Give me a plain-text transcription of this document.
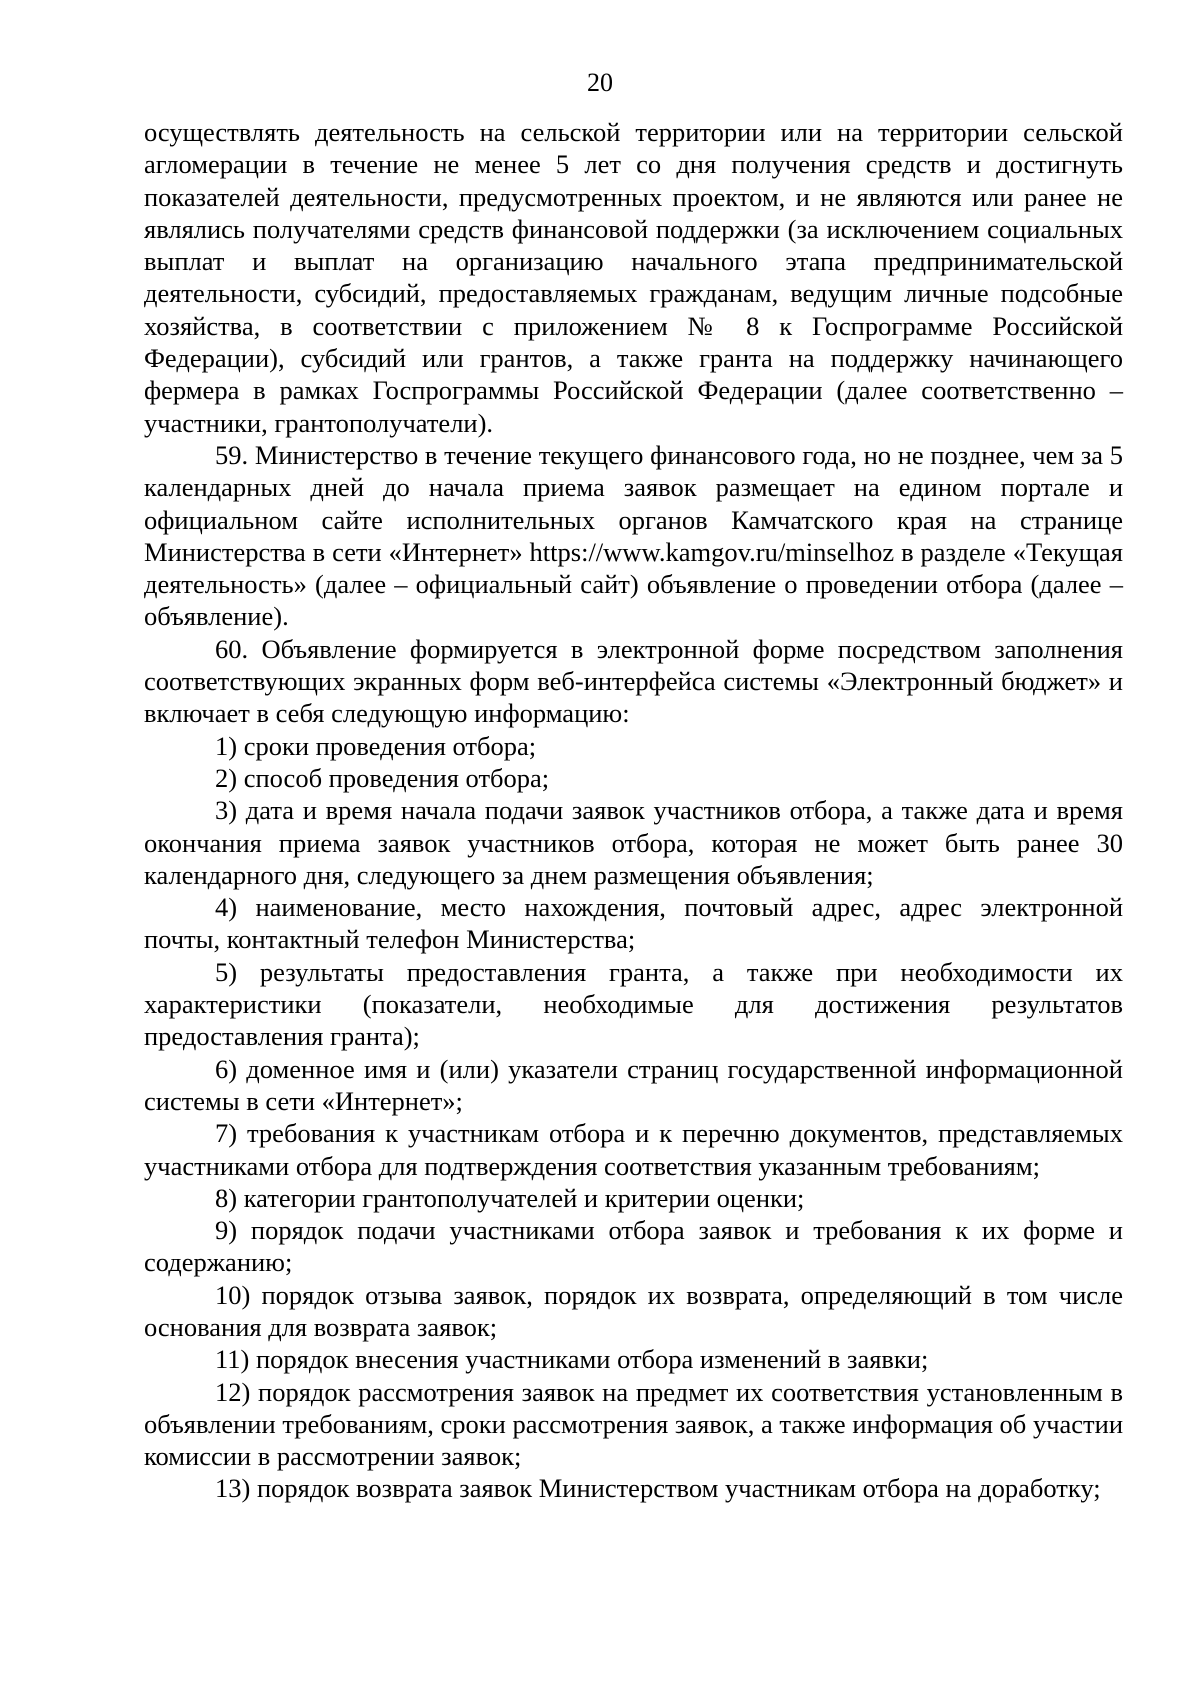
20

осуществлять деятельность на сельской территории или на территории сельской агломерации в течение не менее 5 лет со дня получения средств и достигнуть показателей деятельности, предусмотренных проектом, и не являются или ранее не являлись получателями средств финансовой поддержки (за исключением социальных выплат и выплат на организацию начального этапа предпринимательской деятельности, субсидий, предоставляемых гражданам, ведущим личные подсобные хозяйства, в соответствии с приложением № 8 к Госпрограмме Российской Федерации), субсидий или грантов, а также гранта на поддержку начинающего фермера в рамках Госпрограммы Российской Федерации (далее соответственно – участники, грантополучатели).

59. Министерство в течение текущего финансового года, но не позднее, чем за 5 календарных дней до начала приема заявок размещает на едином портале и официальном сайте исполнительных органов Камчатского края на странице Министерства в сети «Интернет» https://www.kamgov.ru/minselhoz в разделе «Текущая деятельность» (далее – официальный сайт) объявление о проведении отбора (далее – объявление).

60. Объявление формируется в электронной форме посредством заполнения соответствующих экранных форм веб-интерфейса системы «Электронный бюджет» и включает в себя следующую информацию:

1) сроки проведения отбора;

2) способ проведения отбора;

3) дата и время начала подачи заявок участников отбора, а также дата и время окончания приема заявок участников отбора, которая не может быть ранее 30 календарного дня, следующего за днем размещения объявления;

4) наименование, место нахождения, почтовый адрес, адрес электронной почты, контактный телефон Министерства;

5) результаты предоставления гранта, а также при необходимости их характеристики (показатели, необходимые для достижения результатов предоставления гранта);

6) доменное имя и (или) указатели страниц государственной информационной системы в сети «Интернет»;

7) требования к участникам отбора и к перечню документов, представляемых участниками отбора для подтверждения соответствия указанным требованиям;

8) категории грантополучателей и критерии оценки;

9) порядок подачи участниками отбора заявок и требования к их форме и содержанию;

10) порядок отзыва заявок, порядок их возврата, определяющий в том числе основания для возврата заявок;

11) порядок внесения участниками отбора изменений в заявки;

12) порядок рассмотрения заявок на предмет их соответствия установленным в объявлении требованиям, сроки рассмотрения заявок, а также информация об участии комиссии в рассмотрении заявок;

13) порядок возврата заявок Министерством участникам отбора на доработку;
